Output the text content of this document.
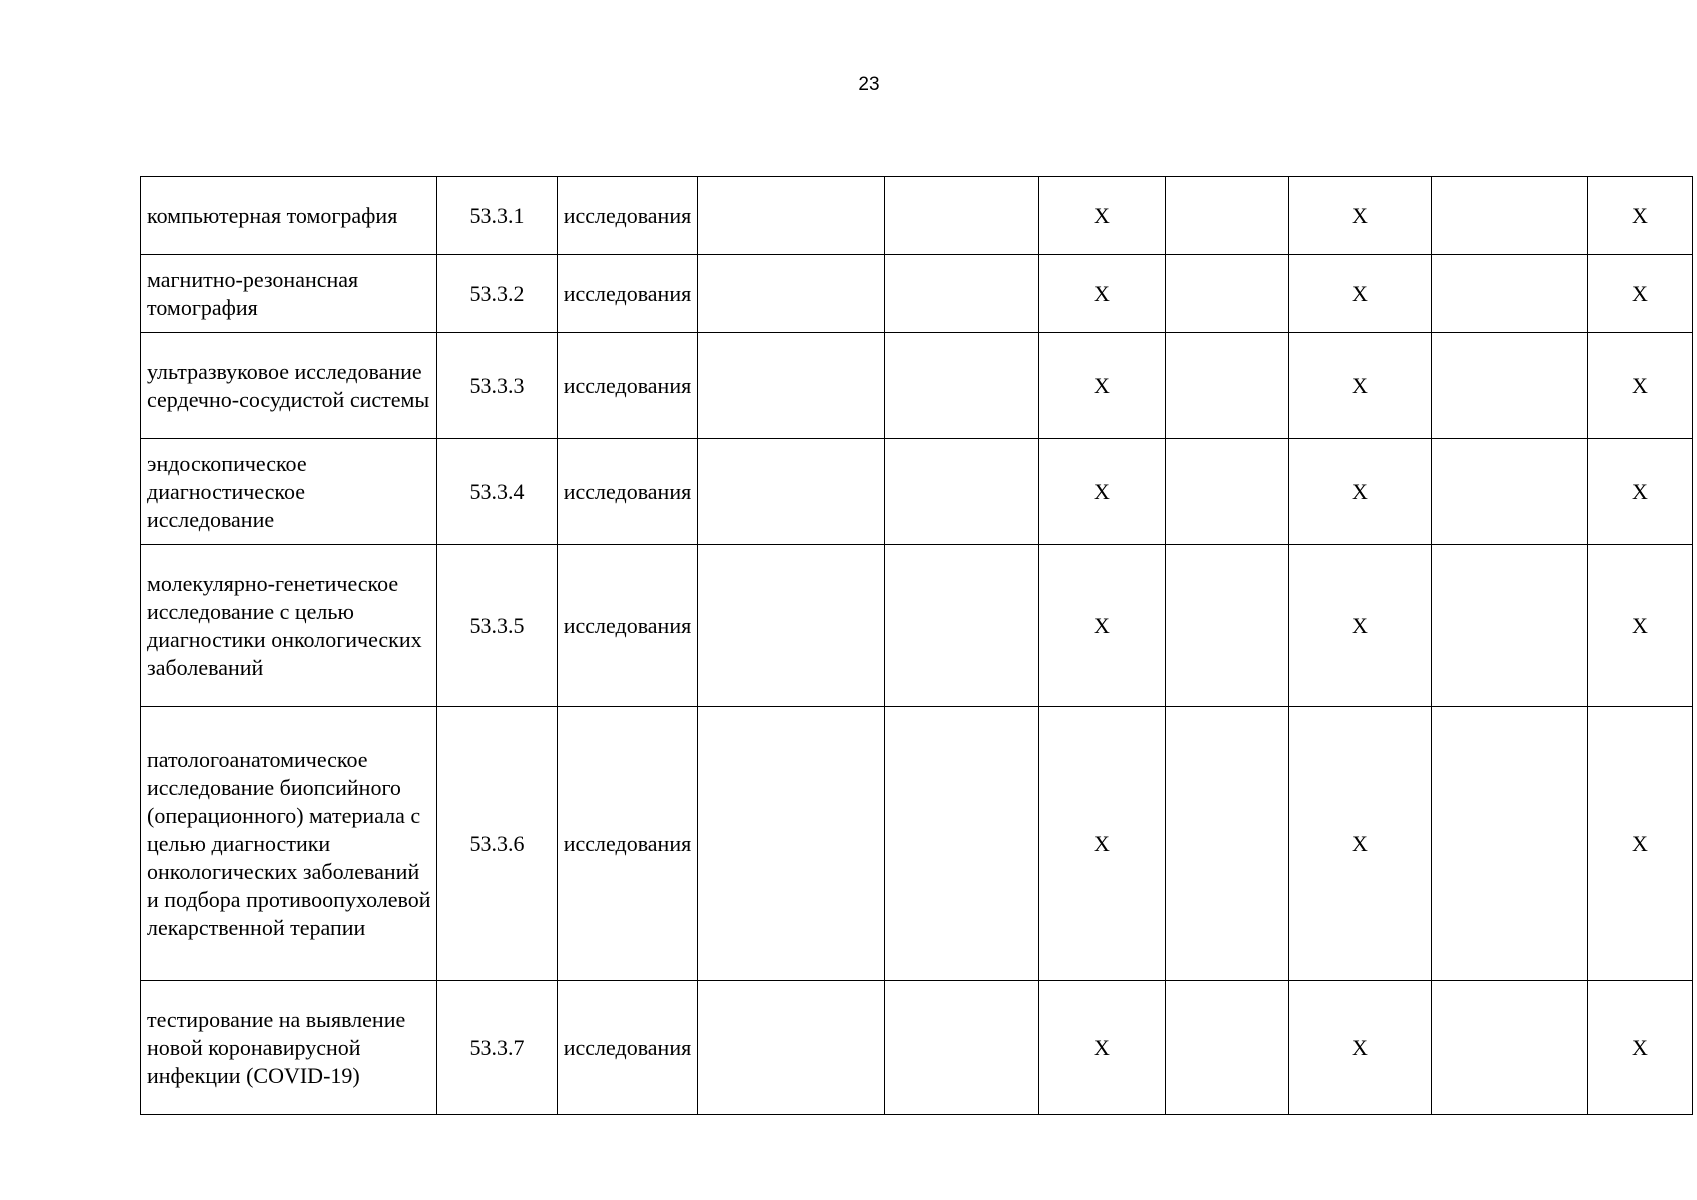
23
компьютерная томография	53.3.1	исследования			X		X		X
магнитно-резонансная томография	53.3.2	исследования			X		X		X
ультразвуковое исследование сердечно-сосудистой системы	53.3.3	исследования			X		X		X
эндоскопическое диагностическое исследование	53.3.4	исследования			X		X		X
молекулярно-генетическое исследование с целью диагностики онкологических заболеваний	53.3.5	исследования			X		X		X
патологоанатомическое исследование биопсийного (операционного) материала с целью диагностики онкологических заболеваний и подбора противоопухолевой лекарственной терапии	53.3.6	исследования			X		X		X
тестирование на выявление новой коронавирусной инфекции (COVID-19)	53.3.7	исследования			X		X		X
